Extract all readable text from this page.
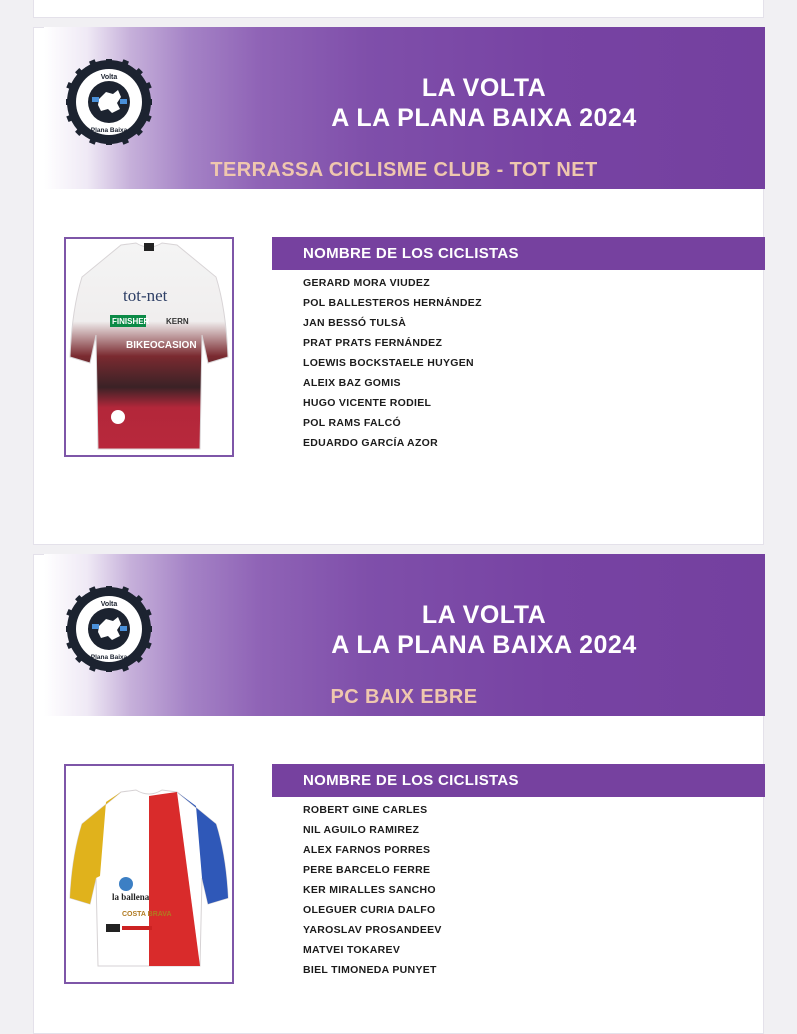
Volta
Plana Baixa
LA VOLTA
A LA PLANA BAIXA 2024
TERRASSA CICLISME CLUB - TOT NET
tot-net
FINISHER KERN
BIKEOCASION
NOMBRE DE LOS CICLISTAS
GERARD MORA VIUDEZ
POL BALLESTEROS HERNÁNDEZ
JAN BESSÓ TULSÀ
PRAT PRATS FERNÁNDEZ
LOEWIS BOCKSTAELE HUYGEN
ALEIX BAZ GOMIS
HUGO VICENTE RODIEL
POL RAMS FALCÓ
EDUARDO GARCÍA AZOR
Volta
Plana Baixa
LA VOLTA
A LA PLANA BAIXA 2024
PC BAIX EBRE
la ballena
COSTA BRAVA
NOMBRE DE LOS CICLISTAS
ROBERT GINE CARLES
NIL AGUILO RAMIREZ
ALEX FARNOS PORRES
PERE BARCELO FERRE
KER MIRALLES SANCHO
OLEGUER CURIA DALFO
YAROSLAV PROSANDEEV
MATVEI TOKAREV
BIEL TIMONEDA PUNYET
